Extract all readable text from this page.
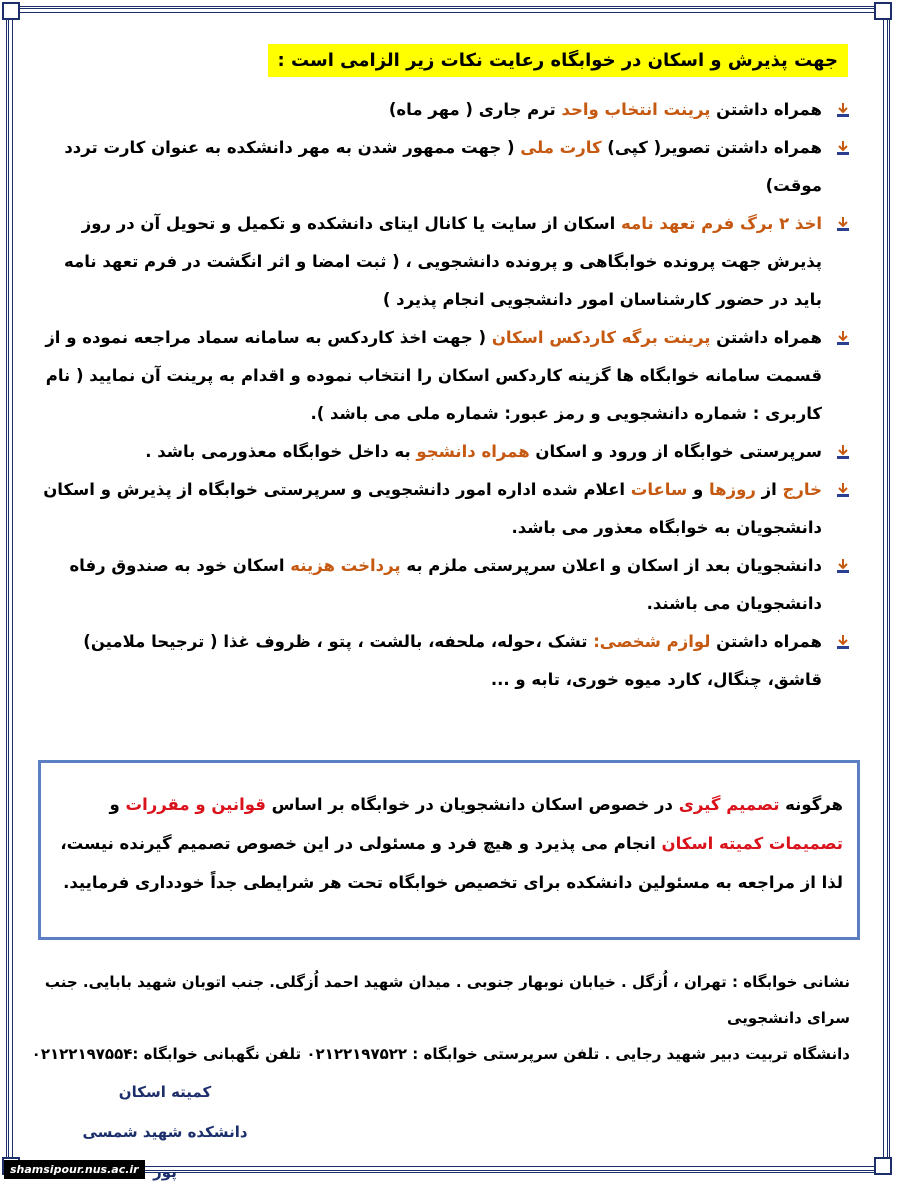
جهت پذیرش و اسکان در خوابگاه رعایت نکات زیر الزامی است :
همراه داشتن پرینت انتخاب واحد ترم جاری ( مهر ماه)
همراه داشتن تصویر( کپی) کارت ملی ( جهت ممهور شدن به مهر دانشکده به عنوان کارت تردد موقت)
اخذ ۲ برگ فرم تعهد نامه اسکان از سایت یا کانال ایتای دانشکده و تکمیل و تحویل آن در روز پذیرش جهت پرونده خوابگاهی و پرونده دانشجویی ، ( ثبت امضا و اثر انگشت در فرم تعهد نامه باید در حضور کارشناسان امور دانشجویی انجام پذیرد )
همراه داشتن پرینت برگه کاردکس اسکان ( جهت اخذ کاردکس به سامانه سماد مراجعه نموده و از قسمت سامانه خوابگاه ها گزینه کاردکس اسکان را انتخاب نموده و اقدام به پرینت آن نمایید ( نام کاربری : شماره دانشجویی و رمز عبور: شماره ملی می باشد ).
سرپرستی خوابگاه از ورود و اسکان همراه دانشجو به داخل خوابگاه معذورمی باشد .
خارج از روزها و ساعات اعلام شده اداره امور دانشجویی و سرپرستی خوابگاه از پذیرش و اسکان دانشجویان به خوابگاه معذور می باشد.
دانشجویان بعد از اسکان و اعلان سرپرستی ملزم به پرداخت هزینه اسکان خود به صندوق رفاه دانشجویان می باشند.
همراه داشتن لوازم شخصی: تشک ،حوله، ملحفه، بالشت ، پتو ، ظروف غذا ( ترجیحا ملامین) قاشق، چنگال، کارد میوه خوری، تابه و ...
هرگونه تصمیم گیری در خصوص اسکان دانشجویان در خوابگاه بر اساس قوانین و مقررات و تصمیمات کمیته اسکان انجام می پذیرد و هیچ فرد و مسئولی در این خصوص تصمیم گیرنده نیست، لذا از مراجعه به مسئولین دانشکده برای تخصیص خوابگاه تحت هر شرایطی جداً خودداری فرمایید.
نشانی خوابگاه : تهران ، اُزگل . خیابان نوبهار جنوبی . میدان شهید احمد اُزگلی. جنب اتوبان شهید بابایی. جنب سرای دانشجویی
دانشگاه تربیت دبیر شهید رجایی . تلفن سرپرستی خوابگاه : ۰۲۱۲۲۱۹۷۵۲۲ تلفن نگهبانی خوابگاه :۰۲۱۲۲۱۹۷۵۵۴
کمیته اسکان
دانشکده شهید شمسی پور
shamsipour.nus.ac.ir
